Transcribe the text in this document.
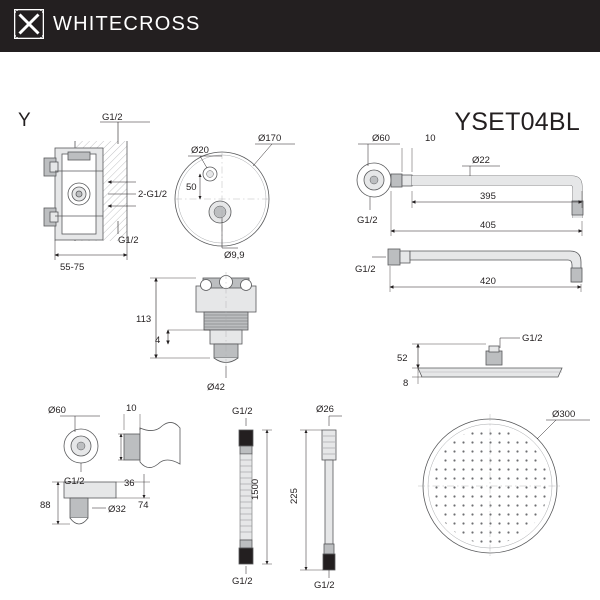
WHITECROSS
Y	YSET04BL
G1/2
2-G1/2
G1/2
55-75
Ø170
Ø20
50
Ø9,9
113
4
Ø42
Ø60	10
Ø22
395
G1/2	405
G1/2
420
G1/2
52
8
Ø300
Ø60	10
G1/2	36
74
88	Ø32
G1/2
1500
G1/2
Ø26
225
G1/2
